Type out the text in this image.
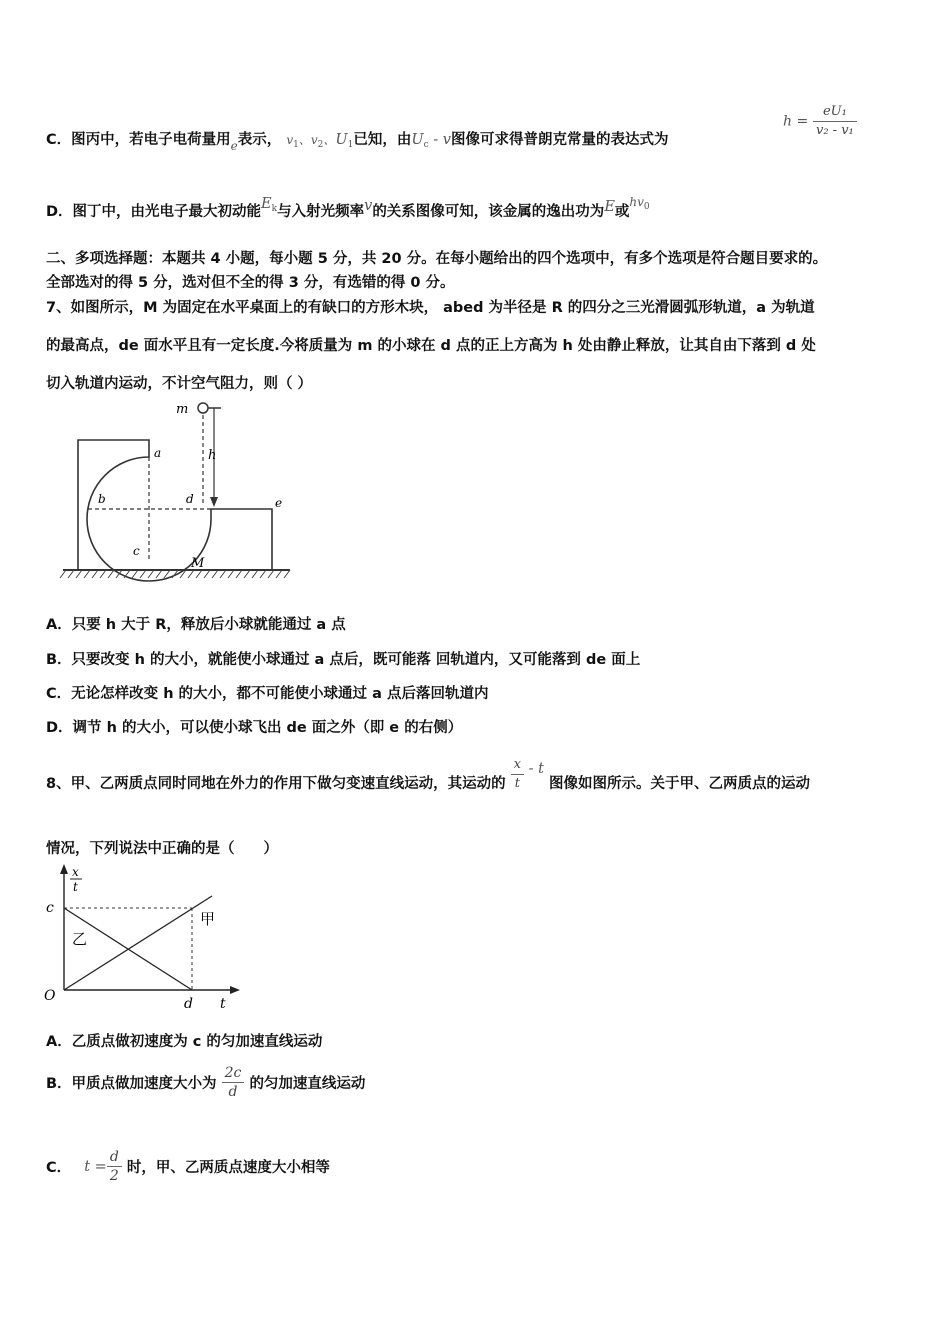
C．图丙中，若电子电荷量用$_e$表示， $v_1$、$v_2$、$U_1$已知，由$U_c$ - v图像可求得普朗克常量的表达式为
$h = \frac{\text{eU₁}}{\text{v₂ - v₁}}$
D．图丁中，由光电子最大初动能$E_k$与入射光频率v的关系图像可知，该金属的逸出功为E或$^{hv_0}$
二、多项选择题：本题共 4 小题，每小题 5 分，共 20 分。在每小题给出的四个选项中，有多个选项是符合题目要求的。
全部选对的得 5 分，选对但不全的得 3 分，有选错的得 0 分。
7、如图所示，M 为固定在水平桌面上的有缺口的方形木块， abed 为半径是 R 的四分之三光滑圆弧形轨道，a 为轨道
的最高点，de 面水平且有一定长度.今将质量为 m 的小球在 d 点的正上方高为 h 处由静止释放，让其自由下落到 d 处
切入轨道内运动，不计空气阻力，则（ ）
m
h
a
b
c
d	e
M
A．只要 h 大于 R，释放后小球就能通过 a 点
B．只要改变 h 的大小，就能使小球通过 a 点后，既可能落 回轨道内，又可能落到 de 面上
C．无论怎样改变 h 的大小，都不可能使小球通过 a 点后落回轨道内
D．调节 h 的大小，可以使小球飞出 de 面之外（即 e 的右侧）
8、甲、乙两质点同时同地在外力的作用下做匀变速直线运动，其运动的 $\frac{x}{t}$ - t 图像如图所示。关于甲、乙两质点的运动
情况，下列说法中正确的是（　　）
x
t
c
O	d t
甲
乙
A．乙质点做初速度为 c 的匀加速直线运动
B．甲质点做加速度大小为 $\frac{2c}{d}$ 的匀加速直线运动
C． $t = \frac{d}{2}$ 时，甲、乙两质点速度大小相等
